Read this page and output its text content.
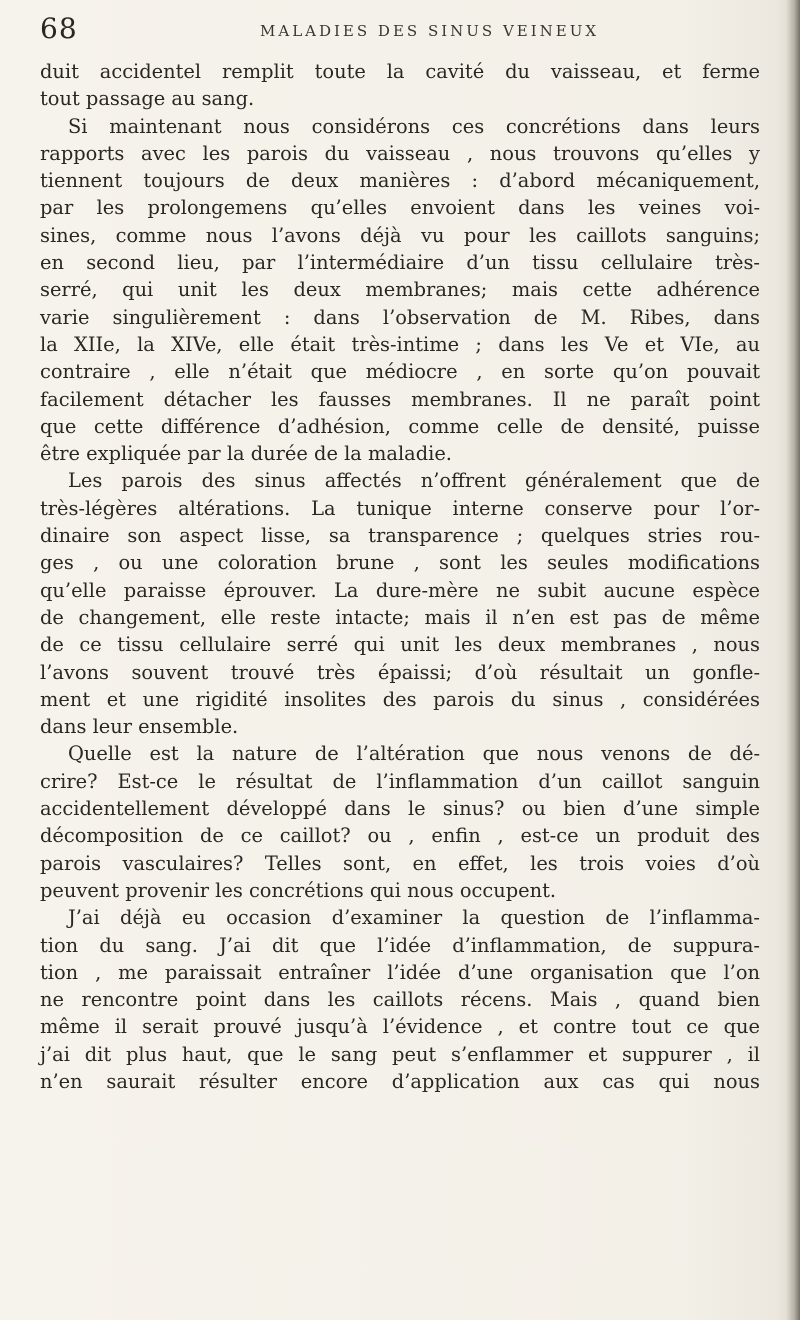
68	MALADIES DES SINUS VEINEUX

duit accidentel remplit toute la cavité du vaisseau, et ferme
tout passage au sang.

Si maintenant nous considérons ces concrétions dans leurs
rapports avec les parois du vaisseau , nous trouvons qu’elles y
tiennent toujours de deux manières : d’abord mécaniquement,
par les prolongemens qu’elles envoient dans les veines voi-
sines, comme nous l’avons déjà vu pour les caillots sanguins;
en second lieu, par l’intermédiaire d’un tissu cellulaire très-
serré, qui unit les deux membranes; mais cette adhérence
varie singulièrement : dans l’observation de M. Ribes, dans
la XIIe, la XIVe, elle était très-intime ; dans les Ve et VIe, au
contraire , elle n’était que médiocre , en sorte qu’on pouvait
facilement détacher les fausses membranes. Il ne paraît point
que cette différence d’adhésion, comme celle de densité, puisse
être expliquée par la durée de la maladie.

Les parois des sinus affectés n’offrent généralement que de
très-légères altérations. La tunique interne conserve pour l’or-
dinaire son aspect lisse, sa transparence ; quelques stries rou-
ges , ou une coloration brune , sont les seules modifications
qu’elle paraisse éprouver. La dure-mère ne subit aucune espèce
de changement, elle reste intacte; mais il n’en est pas de même
de ce tissu cellulaire serré qui unit les deux membranes , nous
l’avons souvent trouvé très épaissi; d’où résultait un gonfle-
ment et une rigidité insolites des parois du sinus , considérées
dans leur ensemble.

Quelle est la nature de l’altération que nous venons de dé-
crire? Est-ce le résultat de l’inflammation d’un caillot sanguin
accidentellement développé dans le sinus? ou bien d’une simple
décomposition de ce caillot? ou , enfin , est-ce un produit des
parois vasculaires? Telles sont, en effet, les trois voies d’où
peuvent provenir les concrétions qui nous occupent.

J’ai déjà eu occasion d’examiner la question de l’inflamma-
tion du sang. J’ai dit que l’idée d’inflammation, de suppura-
tion , me paraissait entraîner l’idée d’une organisation que l’on
ne rencontre point dans les caillots récens. Mais , quand bien
même il serait prouvé jusqu’à l’évidence , et contre tout ce que
j’ai dit plus haut, que le sang peut s’enflammer et suppurer , il
n’en saurait résulter encore d’application aux cas qui nous
